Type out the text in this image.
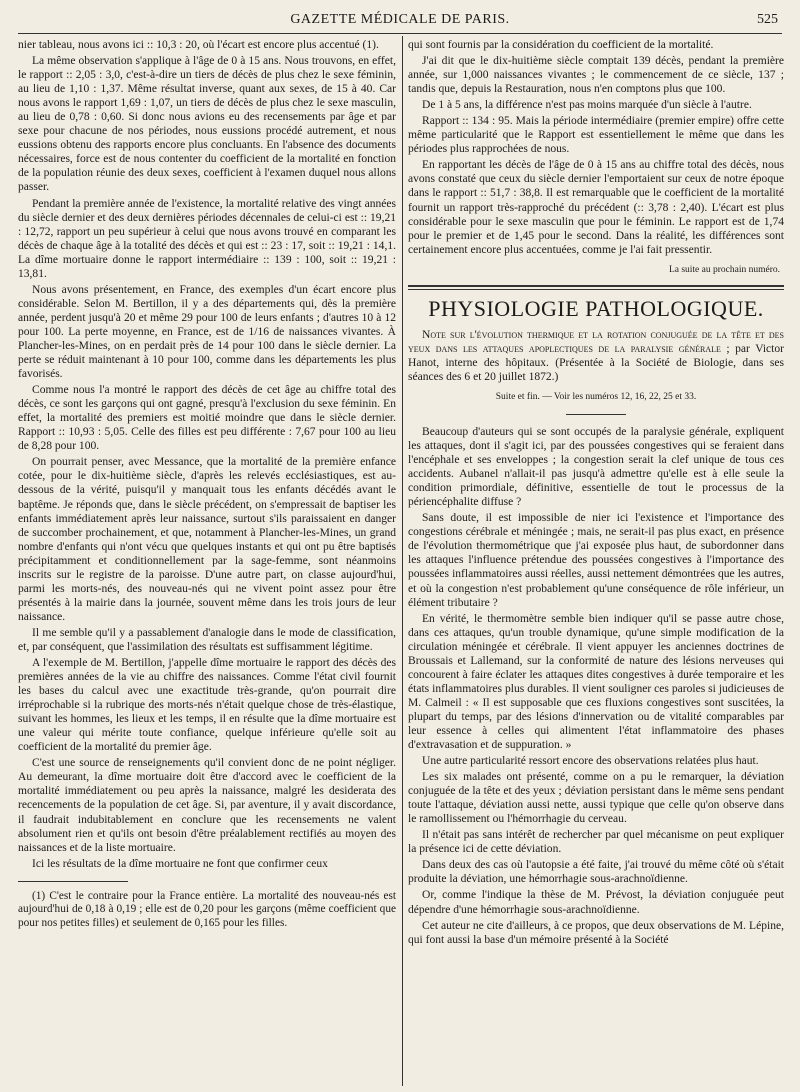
GAZETTE MÉDICALE DE PARIS.	525

nier tableau, nous avons ici :: 10,3 : 20, où l'écart est encore plus accentué (1).

La même observation s'applique à l'âge de 0 à 15 ans. Nous trouvons, en effet, le rapport :: 2,05 : 3,0, c'est-à-dire un tiers de décès de plus chez le sexe féminin, au lieu de 1,10 : 1,37. Même résultat inverse, quant aux sexes, de 15 à 40. Car nous avons le rapport 1,69 : 1,07, un tiers de décès de plus chez le sexe masculin, au lieu de 0,78 : 0,60. Si donc nous avions eu des recensements par âge et par sexe pour chacune de nos périodes, nous eussions procédé autrement, et nous eussions obtenu des rapports encore plus concluants. En l'absence des documents nécessaires, force est de nous contenter du coefficient de la mortalité en fonction de la population réunie des deux sexes, coefficient à l'examen duquel nous allons passer.

Pendant la première année de l'existence, la mortalité relative des vingt années du siècle dernier et des deux dernières périodes décennales de celui-ci est :: 19,21 : 12,72, rapport un peu supérieur à celui que nous avons trouvé en comparant les décès de chaque âge à la totalité des décès et qui est :: 23 : 17, soit :: 19,21 : 14,1. La dîme mortuaire donne le rapport intermédiaire :: 139 : 100, soit :: 19,21 : 13,81.

Nous avons présentement, en France, des exemples d'un écart encore plus considérable. Selon M. Bertillon, il y a des départements qui, dès la première année, perdent jusqu'à 20 et même 29 pour 100 de leurs enfants ; d'autres 10 à 12 pour 100. La perte moyenne, en France, est de 1/16 de naissances vivantes. À Plancher-les-Mines, on en perdait près de 14 pour 100 dans le siècle dernier. La perte se réduit maintenant à 10 pour 100, comme dans les départements les plus favorisés.

Comme nous l'a montré le rapport des décès de cet âge au chiffre total des décès, ce sont les garçons qui ont gagné, presqu'à l'exclusion du sexe féminin. En effet, la mortalité des premiers est moitié moindre que dans le siècle dernier. Rapport :: 10,93 : 5,05. Celle des filles est peu différente : 7,67 pour 100 au lieu de 8,28 pour 100.

On pourrait penser, avec Messance, que la mortalité de la première enfance cotée, pour le dix-huitième siècle, d'après les relevés ecclésiastiques, est au-dessous de la vérité, puisqu'il y manquait tous les enfants décédés avant le baptême. Je réponds que, dans le siècle précédent, on s'empressait de baptiser les enfants immédiatement après leur naissance, surtout s'ils paraissaient en danger de succomber prochainement, et que, notamment à Plancher-les-Mines, un grand nombre d'enfants qui n'ont vécu que quelques instants et qui ont pu être baptisés précipitamment et conditionnellement par la sage-femme, sont néanmoins inscrits sur le registre de la paroisse. D'une autre part, on classe aujourd'hui, parmi les morts-nés, des nouveau-nés qui ne vivent point assez pour être présentés à la mairie dans la journée, souvent même dans les trois jours de leur naissance.

Il me semble qu'il y a passablement d'analogie dans le mode de classification, et, par conséquent, que l'assimilation des résultats est suffisamment légitime.

A l'exemple de M. Bertillon, j'appelle dîme mortuaire le rapport des décès des premières années de la vie au chiffre des naissances. Comme l'état civil fournit les bases du calcul avec une exactitude très-grande, qu'on pourrait dire irréprochable si la rubrique des morts-nés n'était quelque chose de très-élastique, suivant les hommes, les lieux et les temps, il en résulte que la dîme mortuaire est une valeur qui mérite toute confiance, quelque inférieure qu'elle soit au coefficient de la mortalité du premier âge.

C'est une source de renseignements qu'il convient donc de ne point négliger. Au demeurant, la dîme mortuaire doit être d'accord avec le coefficient de la mortalité immédiatement ou peu après la naissance, malgré les desiderata des recencements de la population de cet âge. Si, par aventure, il y avait discordance, il faudrait indubitablement en conclure que les recensements ne valent absolument rien et qu'ils ont besoin d'être préalablement rectifiés au moyen des naissances et de la liste mortuaire.

Ici les résultats de la dîme mortuaire ne font que confirmer ceux

(1) C'est le contraire pour la France entière. La mortalité des nouveau-nés est aujourd'hui de 0,18 à 0,19 ; elle est de 0,20 pour les garçons (même coefficient que pour nos petites filles) et seulement de 0,165 pour les filles.

qui sont fournis par la considération du coefficient de la mortalité.

J'ai dit que le dix-huitième siècle comptait 139 décès, pendant la première année, sur 1,000 naissances vivantes ; le commencement de ce siècle, 137 ; tandis que, depuis la Restauration, nous n'en comptons plus que 100.

De 1 à 5 ans, la différence n'est pas moins marquée d'un siècle à l'autre.

Rapport :: 134 : 95. Mais la période intermédiaire (premier empire) offre cette même particularité que le Rapport est essentiellement le même que dans les périodes plus rapprochées de nous.

En rapportant les décès de l'âge de 0 à 15 ans au chiffre total des décès, nous avons constaté que ceux du siècle dernier l'emportaient sur ceux de notre époque dans le rapport :: 51,7 : 38,8. Il est remarquable que le coefficient de la mortalité fournit un rapport très-rapproché du précédent (:: 3,78 : 2,40). L'écart est plus considérable pour le sexe masculin que pour le féminin. Le rapport est de 1,74 pour le premier et de 1,45 pour le second. Dans la réalité, les différences sont certainement encore plus accentuées, comme je l'ai fait pressentir.

La suite au prochain numéro.
PHYSIOLOGIE PATHOLOGIQUE.

Note sur l'évolution thermique et la rotation conjuguée de la tête et des yeux dans les attaques apoplectiques de la paralysie générale ; par Victor Hanot, interne des hôpitaux. (Présentée à la Société de Biologie, dans ses séances des 6 et 20 juillet 1872.)

Suite et fin. — Voir les numéros 12, 16, 22, 25 et 33.

Beaucoup d'auteurs qui se sont occupés de la paralysie générale, expliquent les attaques, dont il s'agit ici, par des poussées congestives qui se feraient dans l'encéphale et ses enveloppes ; la congestion serait la clef unique de tous ces accidents. Aubanel n'allait-il pas jusqu'à admettre qu'elle est à elle seule la condition primordiale, définitive, essentielle de tout le processus de la périencéphalite diffuse ?

Sans doute, il est impossible de nier ici l'existence et l'importance des congestions cérébrale et méningée ; mais, ne serait-il pas plus exact, en présence de l'évolution thermométrique que j'ai exposée plus haut, de subordonner dans les attaques l'influence prétendue des poussées congestives à l'importance des poussées inflammatoires aussi réelles, aussi nettement démontrées que les autres, et où la congestion n'est probablement qu'une conséquence de rôle inférieur, un élément tributaire ?

En vérité, le thermomètre semble bien indiquer qu'il se passe autre chose, dans ces attaques, qu'un trouble dynamique, qu'une simple modification de la circulation méningée et cérébrale. Il vient appuyer les anciennes doctrines de Broussais et Lallemand, sur la conformité de nature des lésions nerveuses qui concourent à faire éclater les attaques dites congestives à durée temporaire et les états inflammatoires plus durables. Il vient souligner ces paroles si judicieuses de M. Calmeil : « Il est supposable que ces fluxions congestives sont suscitées, la plupart du temps, par des lésions d'innervation ou de vitalité comparables par leur essence à celles qui alimentent l'état inflammatoire des phases d'extravasation et de suppuration. »

Une autre particularité ressort encore des observations relatées plus haut.

Les six malades ont présenté, comme on a pu le remarquer, la déviation conjuguée de la tête et des yeux ; déviation persistant dans le même sens pendant toute l'attaque, déviation aussi nette, aussi typique que celle qu'on observe dans le ramollissement ou l'hémorrhagie du cerveau.

Il n'était pas sans intérêt de rechercher par quel mécanisme on peut expliquer la présence ici de cette déviation.

Dans deux des cas où l'autopsie a été faite, j'ai trouvé du même côté où s'était produite la déviation, une hémorrhagie sous-arachnoïdienne.

Or, comme l'indique la thèse de M. Prévost, la déviation conjuguée peut dépendre d'une hémorrhagie sous-arachnoïdienne.

Cet auteur ne cite d'ailleurs, à ce propos, que deux observations de M. Lépine, qui font aussi la base d'un mémoire présenté à la Société
